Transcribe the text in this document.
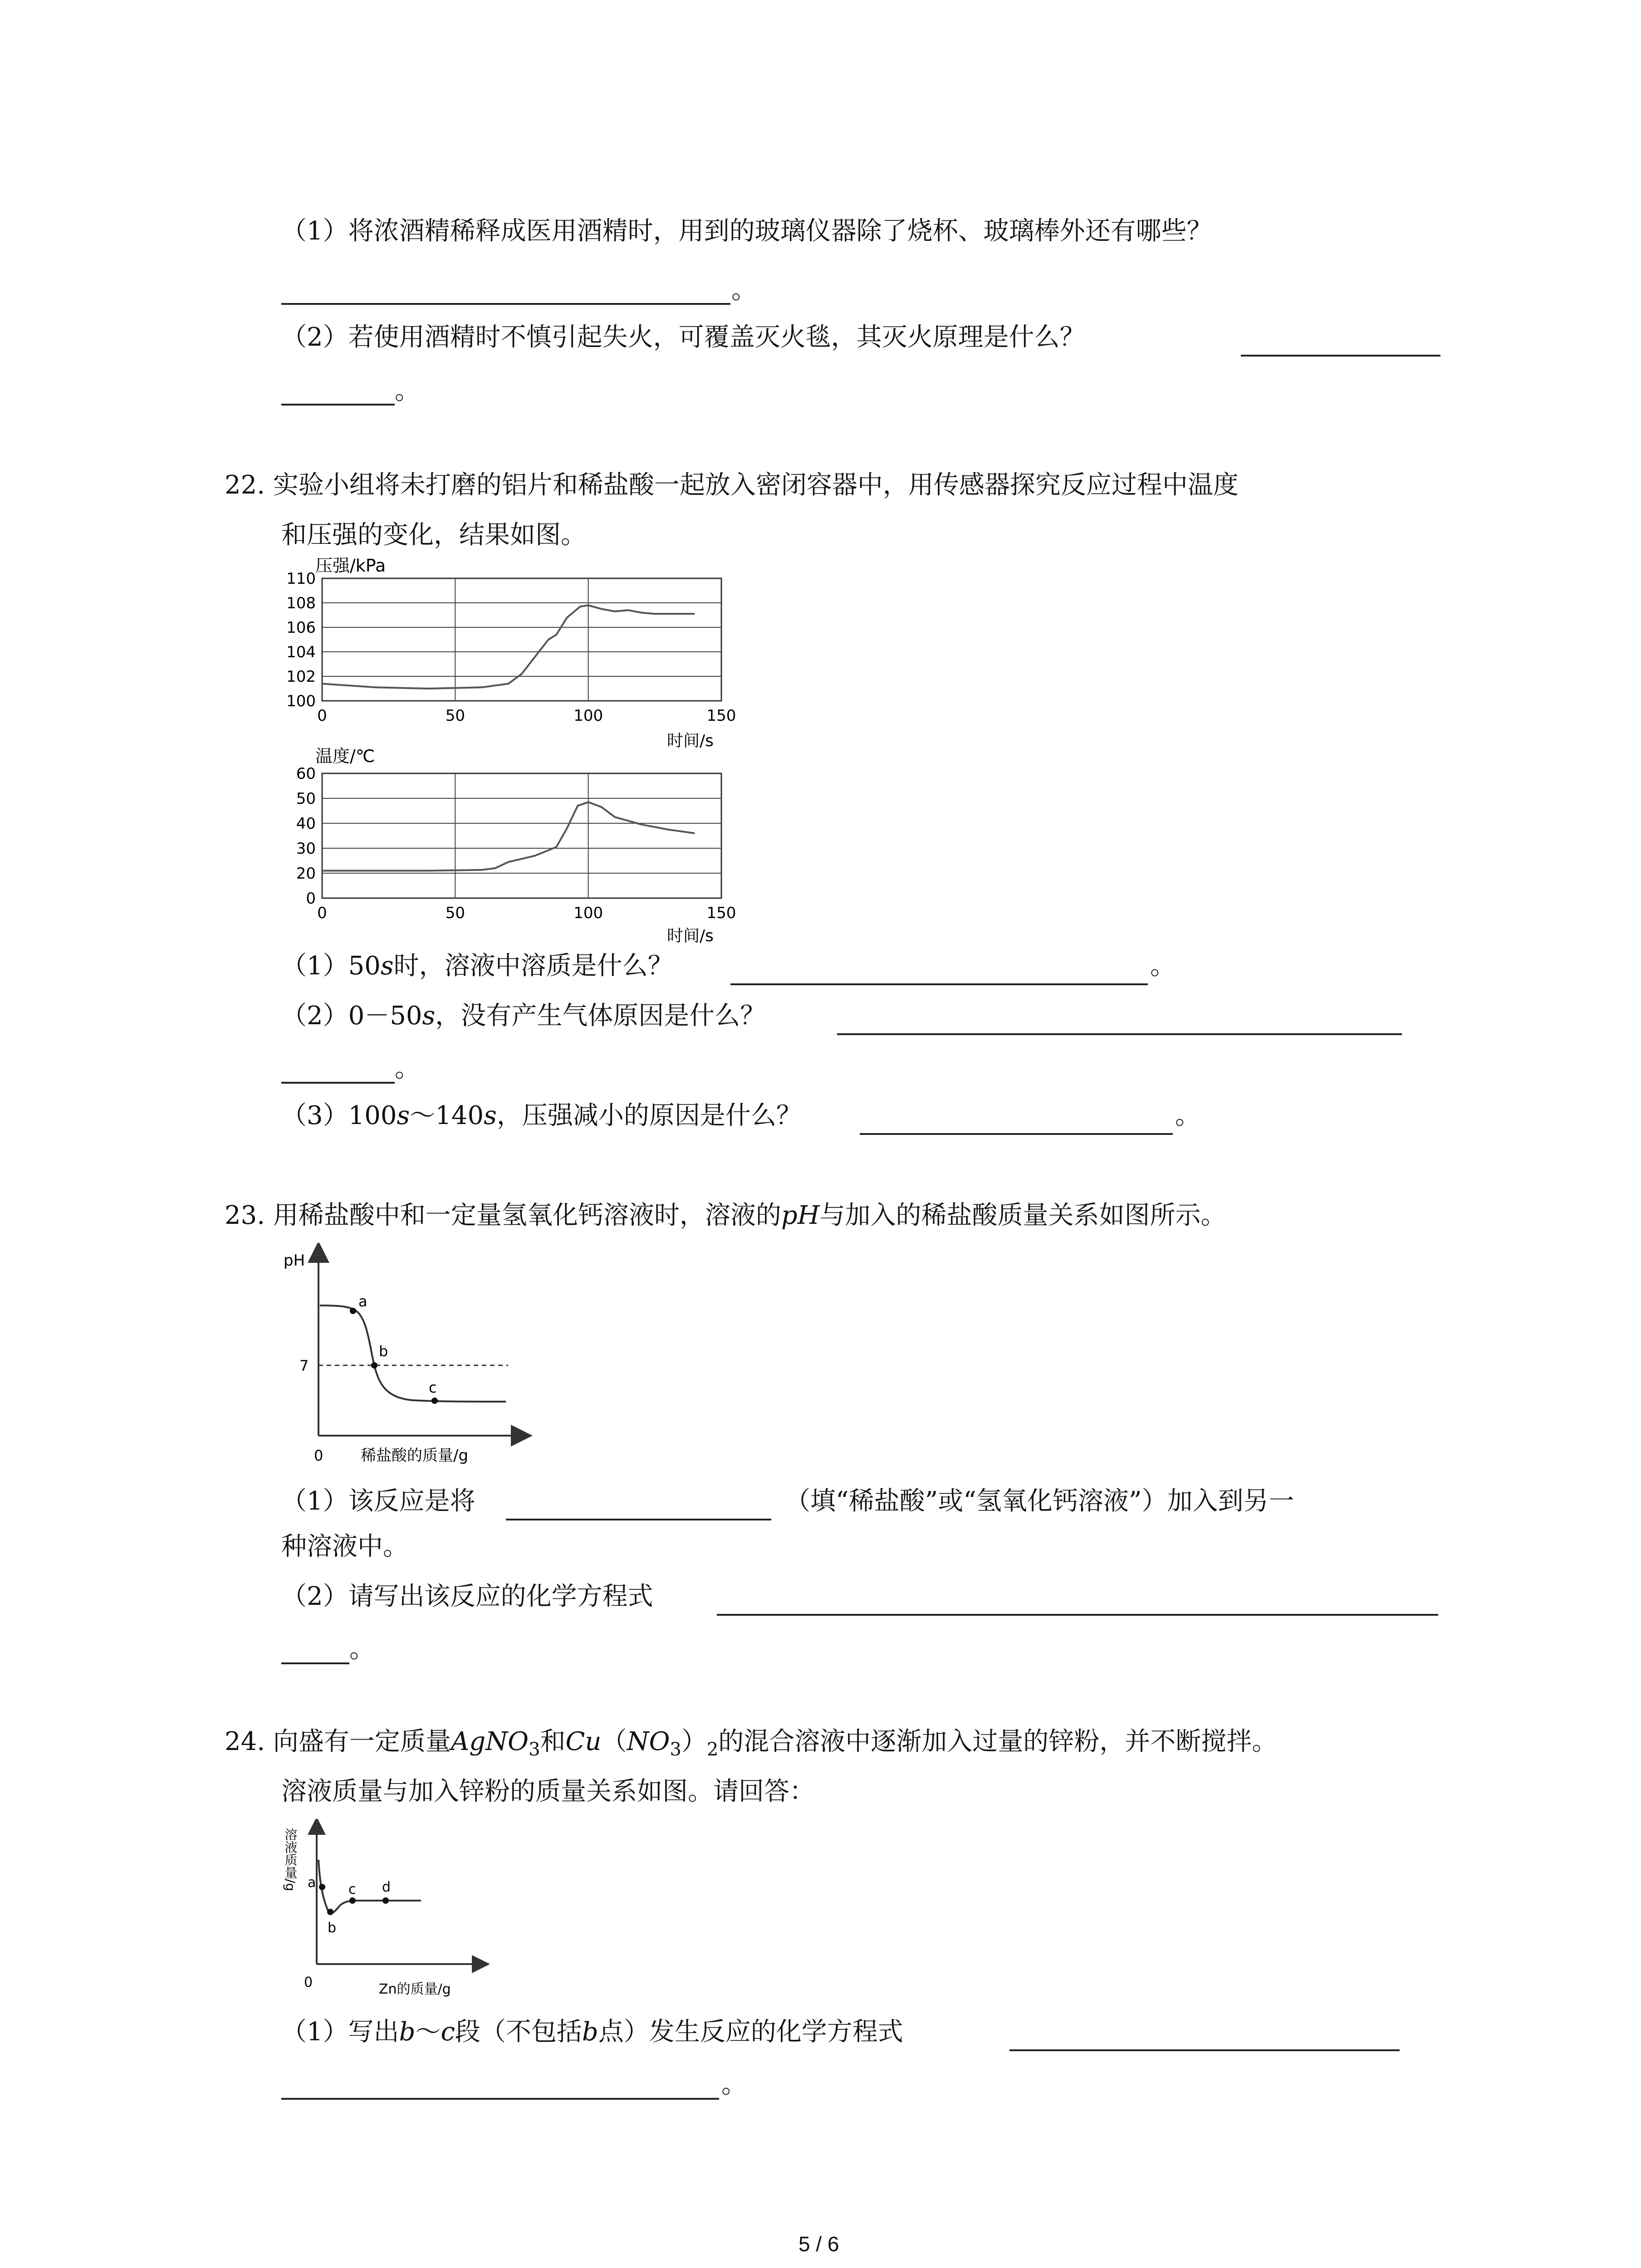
（1）将浓酒精稀释成医用酒精时，用到的玻璃仪器除了烧杯、玻璃棒外还有哪些？
。
（2）若使用酒精时不慎引起失火，可覆盖灭火毯，其灭火原理是什么？
。
22. 实验小组将未打磨的铝片和稀盐酸一起放入密闭容器中，用传感器探究反应过程中温度
和压强的变化，结果如图。
压强/kPa
100
102
104
106
108
110
0	50	100	150
时间/s
温度/℃
0
20
30
40
50
60
0	50	100	150
时间/s
（1）50s时，溶液中溶质是什么？	。
（2）0－50s，没有产生气体原因是什么？
。
（3）100s～140s，压强减小的原因是什么？	。
23. 用稀盐酸中和一定量氢氧化钙溶液时，溶液的pH与加入的稀盐酸质量关系如图所示。
pH
0 稀盐酸的质量/g
7
a
b
c
（1）该反应是将	（填“稀盐酸”或“氢氧化钙溶液”）加入到另一
种溶液中。
（2）请写出该反应的化学方程式
。
24. 向盛有一定质量AgNO$_3$和$Cu(NO_3)_2$的混合溶液中逐渐加入过量的锌粉，并不断搅拌。
溶液质量与加入锌粉的质量关系如图。请回答：
溶液质量/g
0	Zn的质量/g
a
b
c d
（1）写出b～c段（不包括b点）发生反应的化学方程式
。
5 / 6
